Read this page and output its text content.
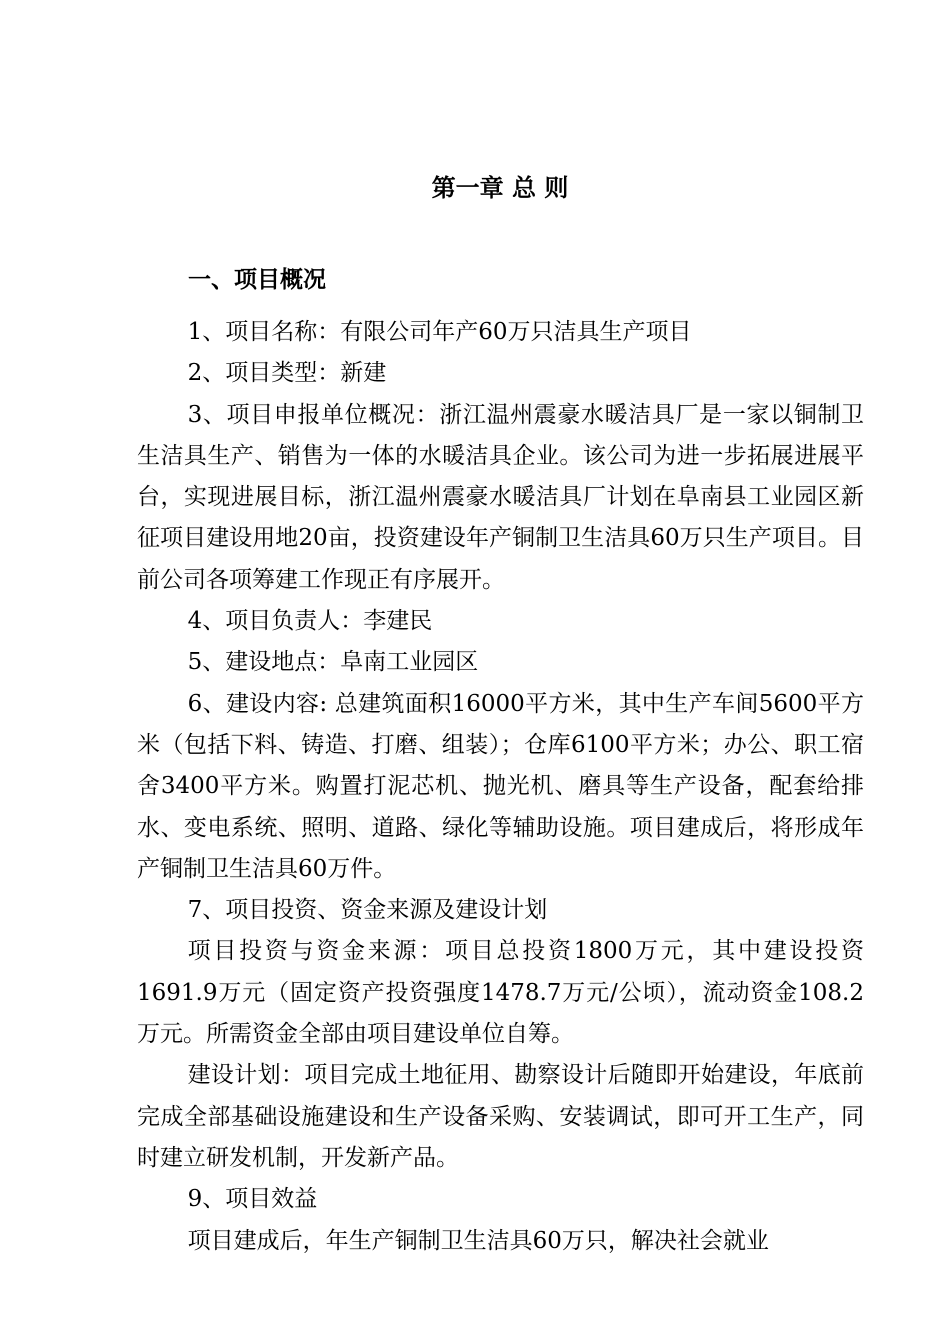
第一章 总 则
一、项目概况

1、项目名称：有限公司年产60万只洁具生产项目

2、项目类型：新建

3、项目申报单位概况：浙江温州震豪水暖洁具厂是一家以铜制卫生洁具生产、销售为一体的水暖洁具企业。该公司为进一步拓展进展平台，实现进展目标，浙江温州震豪水暖洁具厂计划在阜南县工业园区新征项目建设用地20亩，投资建设年产铜制卫生洁具60万只生产项目。目前公司各项筹建工作现正有序展开。

4、项目负责人：李建民

5、建设地点：阜南工业园区

6、建设内容: 总建筑面积16000平方米，其中生产车间5600平方米（包括下料、铸造、打磨、组装）；仓库6100平方米；办公、职工宿舍3400平方米。购置打泥芯机、抛光机、磨具等生产设备，配套给排水、变电系统、照明、道路、绿化等辅助设施。项目建成后，将形成年产铜制卫生洁具60万件。

7、项目投资、资金来源及建设计划

项目投资与资金来源：项目总投资1800万元，其中建设投资1691.9万元（固定资产投资强度1478.7万元/公顷），流动资金108.2万元。所需资金全部由项目建设单位自筹。

建设计划：项目完成土地征用、勘察设计后随即开始建设，年底前完成全部基础设施建设和生产设备采购、安装调试，即可开工生产，同时建立研发机制，开发新产品。

9、项目效益

项目建成后，年生产铜制卫生洁具60万只，解决社会就业
